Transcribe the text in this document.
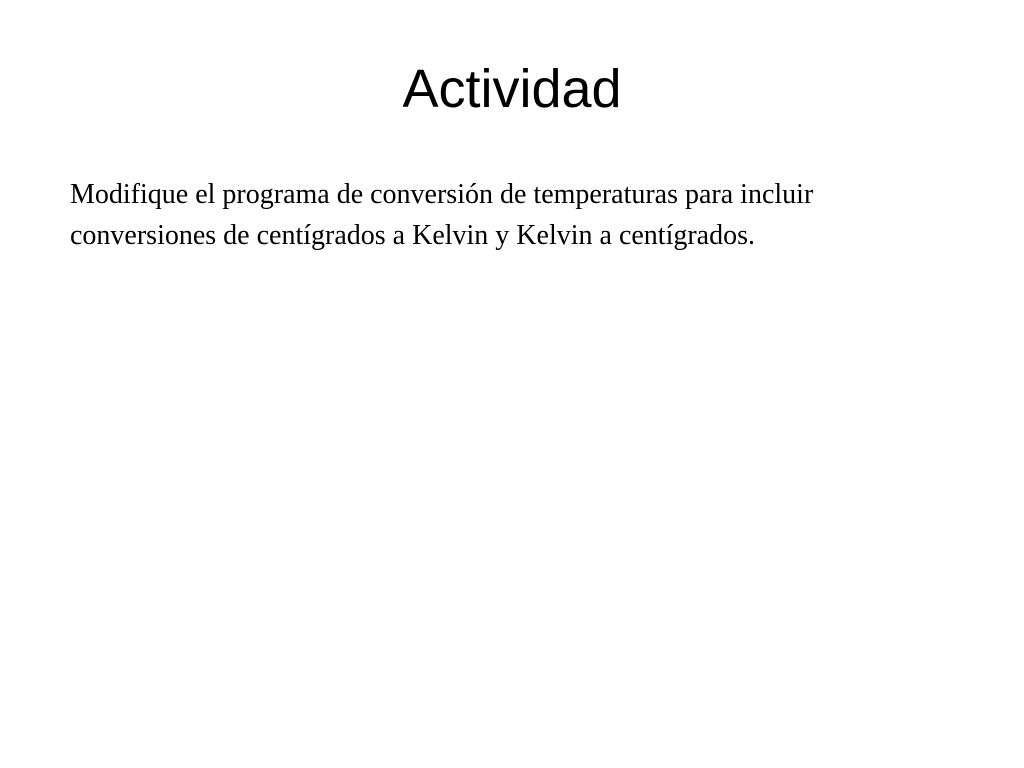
Actividad

Modifique el programa de conversión de temperaturas para incluir conversiones de centígrados a Kelvin y Kelvin a centígrados.
